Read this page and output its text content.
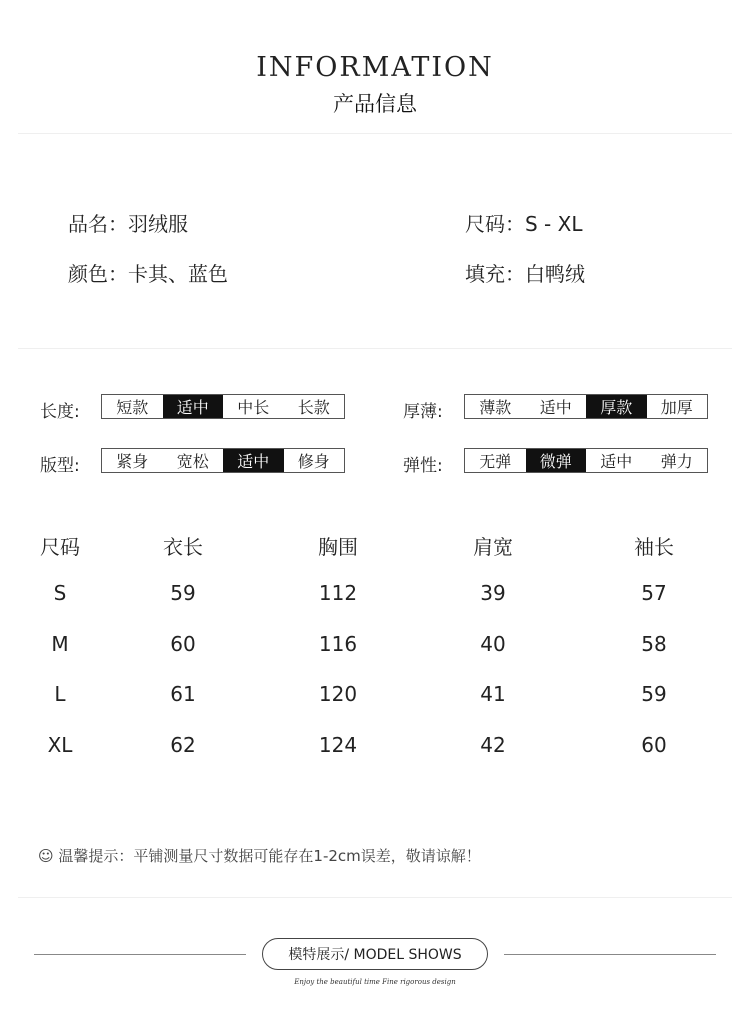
INFORMATION
产品信息
品名：羽绒服	尺码：S - XL
颜色：卡其、蓝色	填充：白鸭绒
长度:	短款	适中	中长	长款	厚薄:	薄款	适中	厚款	加厚
版型:	紧身	宽松	适中	修身	弹性:	无弹	微弹	适中	弹力
尺码	衣长	胸围	肩宽	袖长
S	59	112	39	57
M	60	116	40	58
L	61	120	41	59
XL	62	124	42	60
☺ 温馨提示：平铺测量尺寸数据可能存在1-2cm误差，敬请谅解！
模特展示/ MODEL SHOWS
Enjoy the beautiful time Fine rigorous design
